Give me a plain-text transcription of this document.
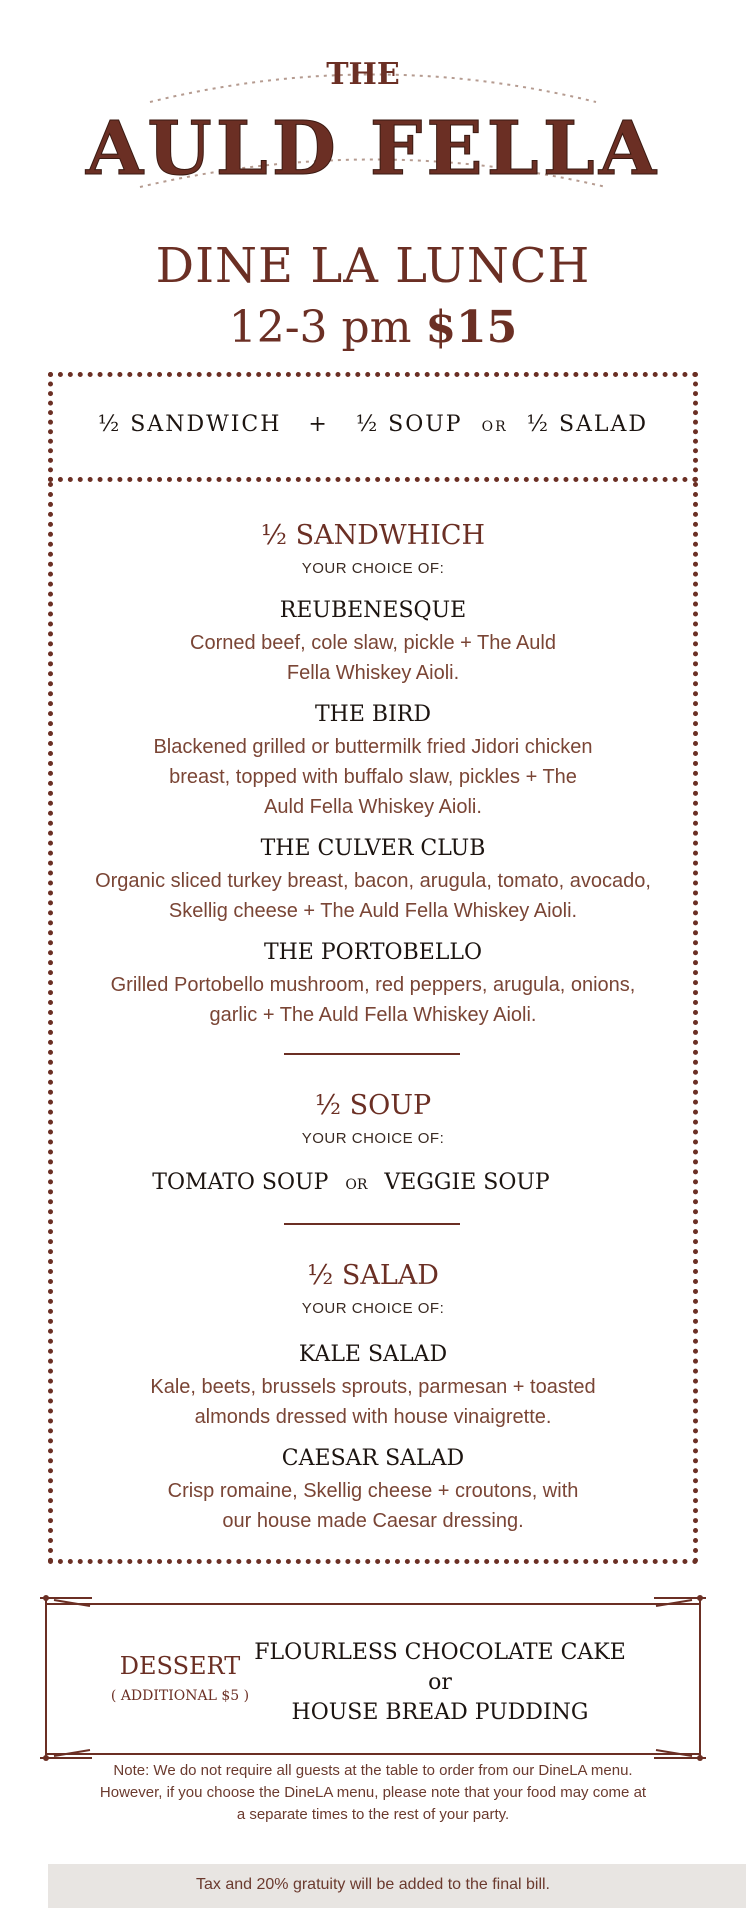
THE
AULD FELLA
DINE LA LUNCH
12-3 pm $15
½ SANDWICH + ½ SOUP OR ½ SALAD
½ SANDWHICH
YOUR CHOICE OF:
REUBENESQUE
Corned beef, cole slaw, pickle + The Auld Fella Whiskey Aioli.
THE BIRD
Blackened grilled or buttermilk fried Jidori chicken breast, topped with buffalo slaw, pickles + The Auld Fella Whiskey Aioli.
THE CULVER CLUB
Organic sliced turkey breast, bacon, arugula, tomato, avocado, Skellig cheese + The Auld Fella Whiskey Aioli.
THE PORTOBELLO
Grilled Portobello mushroom, red peppers, arugula, onions, garlic + The Auld Fella Whiskey Aioli.
½ SOUP
YOUR CHOICE OF:
TOMATO SOUP OR VEGGIE SOUP
½ SALAD
YOUR CHOICE OF:
KALE SALAD
Kale, beets, brussels sprouts, parmesan + toasted almonds dressed with house vinaigrette.
CAESAR SALAD
Crisp romaine, Skellig cheese + croutons, with our house made Caesar dressing.
DESSERT
( ADDITIONAL $5 )
FLOURLESS CHOCOLATE CAKE
or
HOUSE BREAD PUDDING
Note: We do not require all guests at the table to order from our DineLA menu. However, if you choose the DineLA menu, please note that your food may come at a separate times to the rest of your party.
Tax and 20% gratuity will be added to the final bill.
